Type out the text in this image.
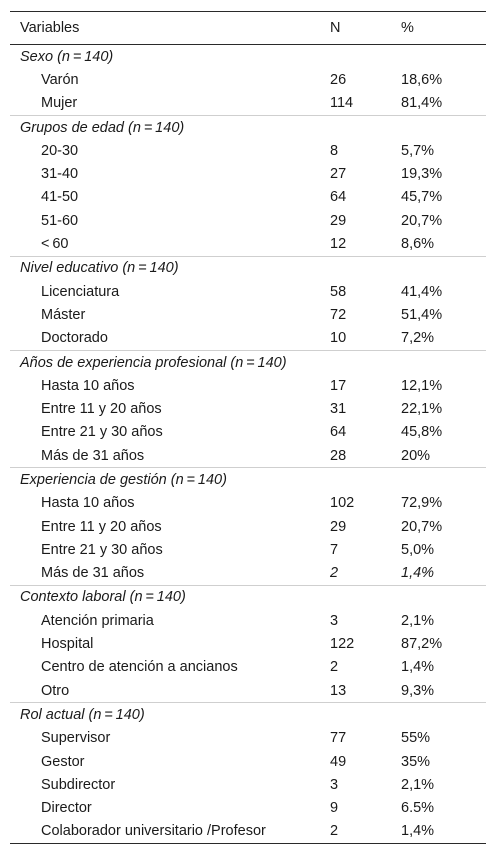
Variables	N	%
Sexo (n = 140)		
Varón	26	18,6%
Mujer	114	81,4%
Grupos de edad (n = 140)		
20-30	8	5,7%
31-40	27	19,3%
41-50	64	45,7%
51-60	29	20,7%
< 60	12	8,6%
Nivel educativo (n = 140)		
Licenciatura	58	41,4%
Máster	72	51,4%
Doctorado	10	7,2%
Años de experiencia profesional (n = 140)		
Hasta 10 años	17	12,1%
Entre 11 y 20 años	31	22,1%
Entre 21 y 30 años	64	45,8%
Más de 31 años	28	20%
Experiencia de gestión (n = 140)		
Hasta 10 años	102	72,9%
Entre 11 y 20 años	29	20,7%
Entre 21 y 30 años	7	5,0%
Más de 31 años	2	1,4%
Contexto laboral (n = 140)		
Atención primaria	3	2,1%
Hospital	122	87,2%
Centro de atención a ancianos	2	1,4%
Otro	13	9,3%
Rol actual (n = 140)		
Supervisor	77	55%
Gestor	49	35%
Subdirector	3	2,1%
Director	9	6.5%
Colaborador universitario /Profesor	2	1,4%
